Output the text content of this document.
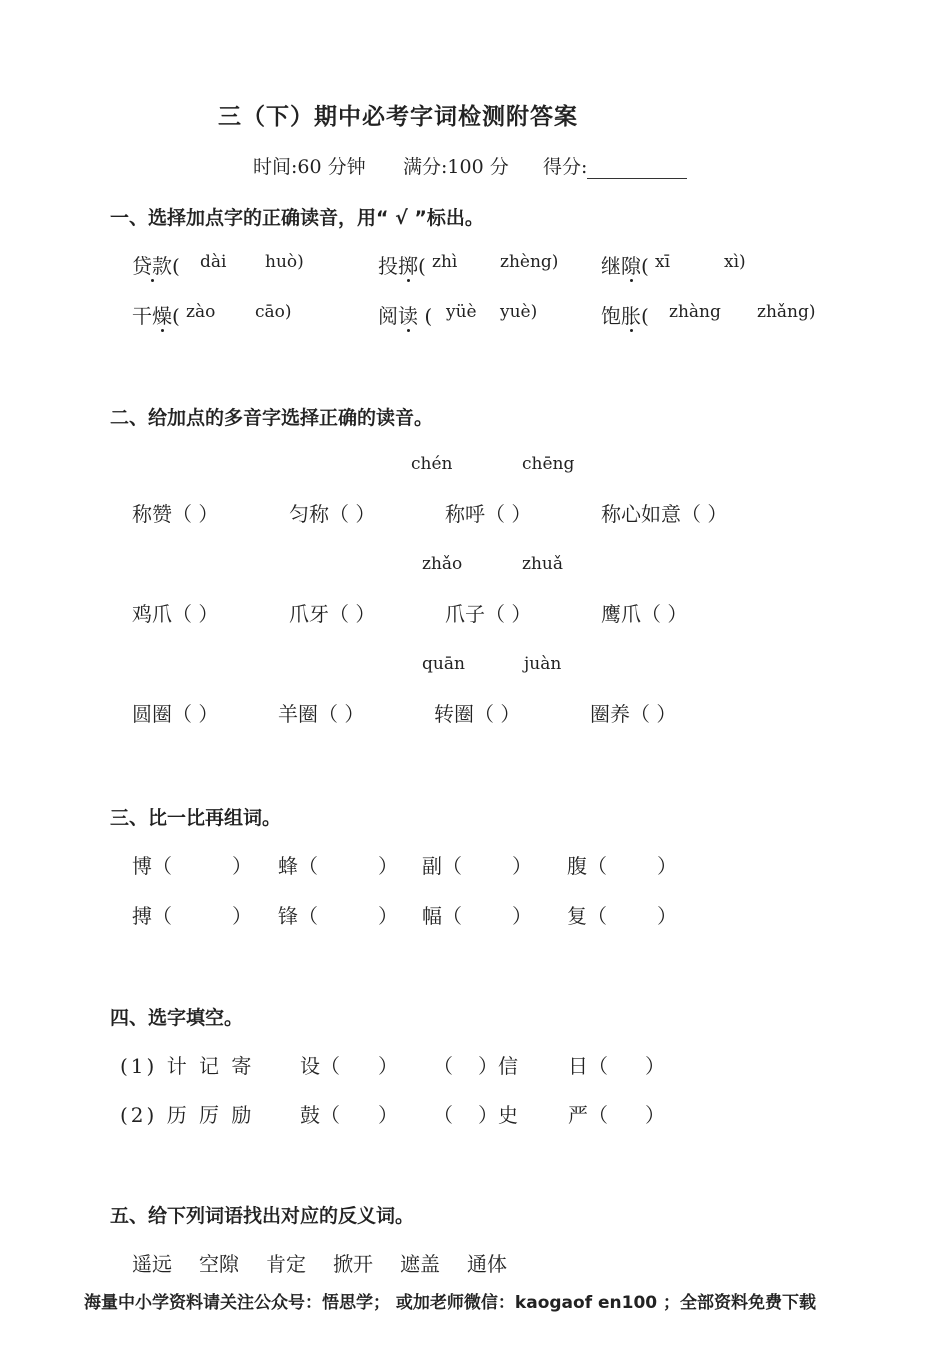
三（下）期中必考字词检测附答案
时间:60 分钟 满分:100 分 得分:
一、选择加点字的正确读音，用“ √ ”标出。
贷款( dài huò)	投掷( zhì	zhèng) 继隙( xī	xì)
干燥( zào cāo)	阅读 ( yüè yuè)	饱胀( zhàng zhǎng)
二、给加点的多音字选择正确的读音。
chén	chēng
称赞（ ）	匀称（ ）	称呼（ ）	称心如意（ ）
zhǎo	zhuǎ
鸡爪（ ）	爪牙（ ）	爪子（ ）	鹰爪（ ）
quān	juàn
圆圈（ ）	羊圈（ ）	转圈（ ）	圈养（ ）
三、比一比再组词。
博（	） 蜂（	） 副（	） 腹（	）
搏（	） 锋（	） 幅（	） 复（	）
四、选字填空。
(1) 计 记 寄 设（ ） （ ）信	日（ ）
(2) 历 厉 励 鼓（ ） （ ）史	严（ ）
五、给下列词语找出对应的反义词。
遥远 空隙 肯定 掀开 遮盖 通体
海量中小学资料请关注公众号：悟思学； 或加老师微信：kaogaof en100 ；全部资料免费下载
